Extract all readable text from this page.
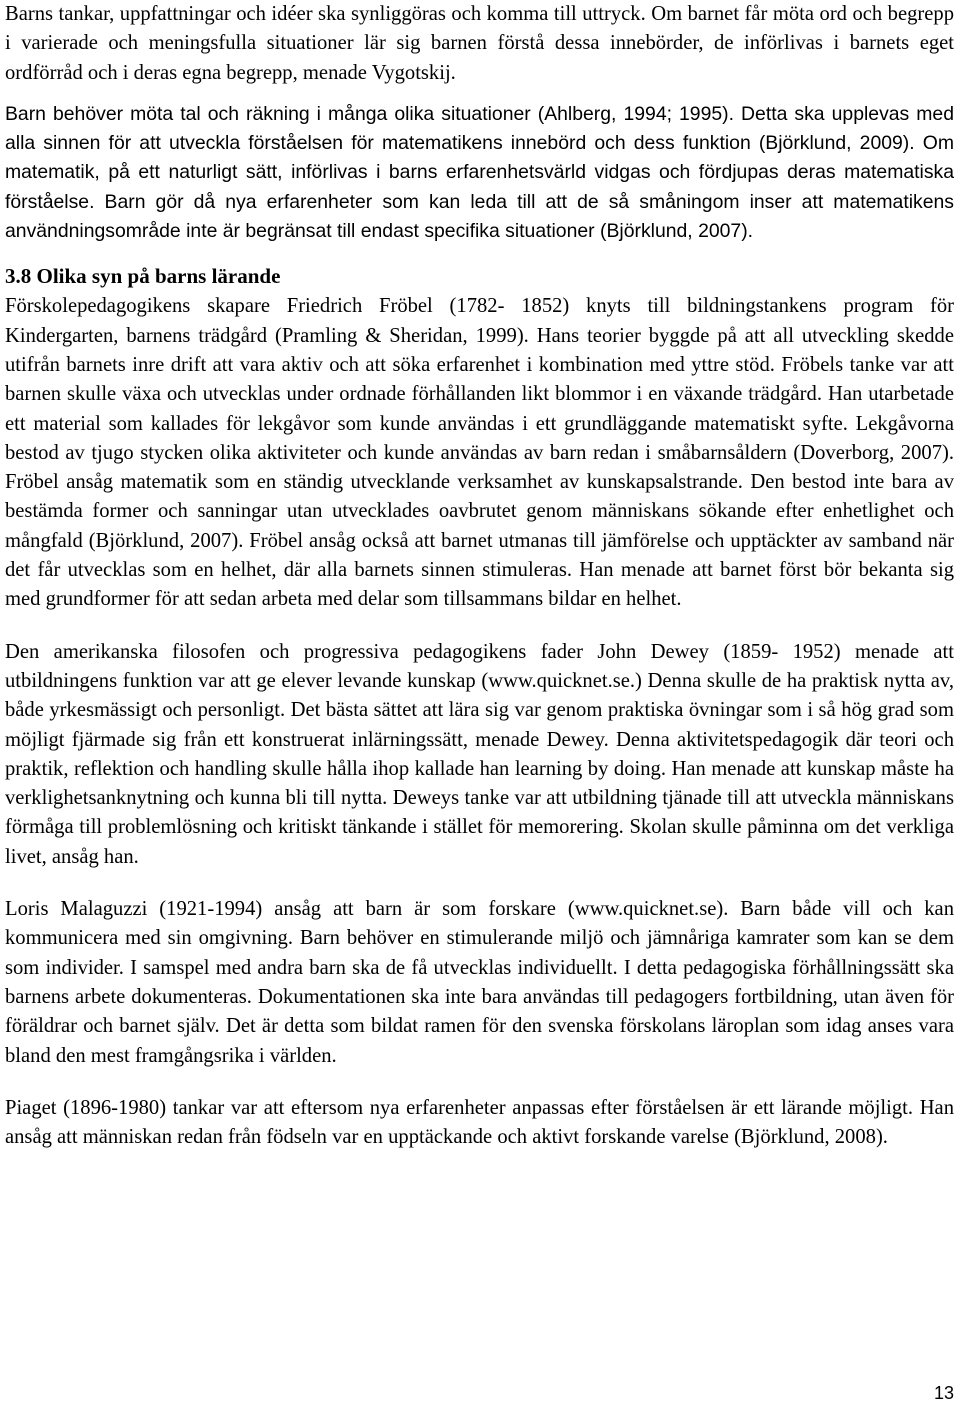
Barns tankar, uppfattningar och idéer ska synliggöras och komma till uttryck. Om barnet får möta ord och begrepp i varierade och meningsfulla situationer lär sig barnen förstå dessa innebörder, de införlivas i barnets eget ordförråd och i deras egna begrepp, menade Vygotskij.

Barn behöver möta tal och räkning i många olika situationer (Ahlberg, 1994; 1995). Detta ska upplevas med alla sinnen för att utveckla förståelsen för matematikens innebörd och dess funktion (Björklund, 2009). Om matematik, på ett naturligt sätt, införlivas i barns erfarenhetsvärld vidgas och fördjupas deras matematiska förståelse. Barn gör då nya erfarenheter som kan leda till att de så småningom inser att matematikens användningsområde inte är begränsat till endast specifika situationer (Björklund, 2007).

3.8 Olika syn på barns lärande

Förskolepedagogikens skapare Friedrich Fröbel (1782- 1852) knyts till bildningstankens program för Kindergarten, barnens trädgård (Pramling & Sheridan, 1999). Hans teorier byggde på att all utveckling skedde utifrån barnets inre drift att vara aktiv och att söka erfarenhet i kombination med yttre stöd. Fröbels tanke var att barnen skulle växa och utvecklas under ordnade förhållanden likt blommor i en växande trädgård. Han utarbetade ett material som kallades för lekgåvor som kunde användas i ett grundläggande matematiskt syfte. Lekgåvorna bestod av tjugo stycken olika aktiviteter och kunde användas av barn redan i småbarnsåldern (Doverborg, 2007). Fröbel ansåg matematik som en ständig utvecklande verksamhet av kunskapsalstrande. Den bestod inte bara av bestämda former och sanningar utan utvecklades oavbrutet genom människans sökande efter enhetlighet och mångfald (Björklund, 2007). Fröbel ansåg också att barnet utmanas till jämförelse och upptäckter av samband när det får utvecklas som en helhet, där alla barnets sinnen stimuleras. Han menade att barnet först bör bekanta sig med grundformer för att sedan arbeta med delar som tillsammans bildar en helhet.

Den amerikanska filosofen och progressiva pedagogikens fader John Dewey (1859- 1952) menade att utbildningens funktion var att ge elever levande kunskap (www.quicknet.se.) Denna skulle de ha praktisk nytta av, både yrkesmässigt och personligt. Det bästa sättet att lära sig var genom praktiska övningar som i så hög grad som möjligt fjärmade sig från ett konstruerat inlärningssätt, menade Dewey. Denna aktivitetspedagogik där teori och praktik, reflektion och handling skulle hålla ihop kallade han learning by doing. Han menade att kunskap måste ha verklighetsanknytning och kunna bli till nytta. Deweys tanke var att utbildning tjänade till att utveckla människans förmåga till problemlösning och kritiskt tänkande i stället för memorering. Skolan skulle påminna om det verkliga livet, ansåg han.

Loris Malaguzzi (1921-1994) ansåg att barn är som forskare (www.quicknet.se). Barn både vill och kan kommunicera med sin omgivning. Barn behöver en stimulerande miljö och jämnåriga kamrater som kan se dem som individer. I samspel med andra barn ska de få utvecklas individuellt. I detta pedagogiska förhållningssätt ska barnens arbete dokumenteras. Dokumentationen ska inte bara användas till pedagogers fortbildning, utan även för föräldrar och barnet själv. Det är detta som bildat ramen för den svenska förskolans läroplan som idag anses vara bland den mest framgångsrika i världen.

Piaget (1896-1980) tankar var att eftersom nya erfarenheter anpassas efter förståelsen är ett lärande möjligt. Han ansåg att människan redan från födseln var en upptäckande och aktivt forskande varelse (Björklund, 2008).

13
